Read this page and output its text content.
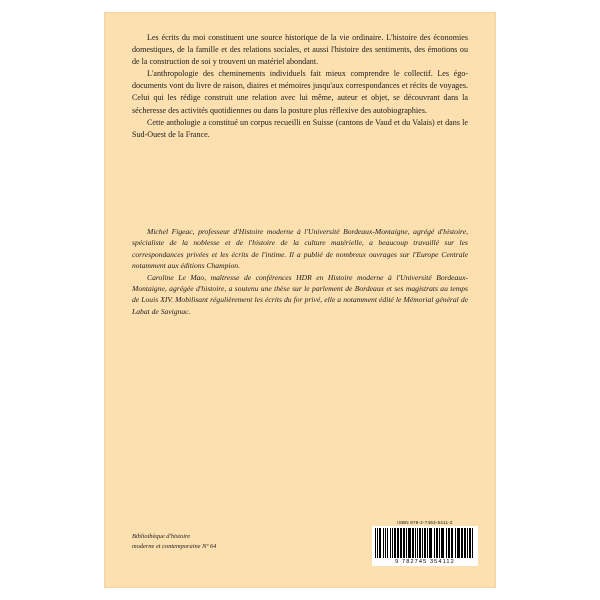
Les écrits du moi constituent une source historique de la vie ordinaire. L'histoire des économies domestiques, de la famille et des relations sociales, et aussi l'histoire des sentiments, des émotions ou de la construction de soi y trouvent un matériel abondant.

L'anthropologie des cheminements individuels fait mieux comprendre le collectif. Les égo-documents vont du livre de raison, diaires et mémoires jusqu'aux correspondances et récits de voyages. Celui qui les rédige construit une relation avec lui même, auteur et objet, se découvrant dans la sécheresse des activités quotidiennes ou dans la posture plus réflexive des autobiographies.

Cette anthologie a constitué un corpus recueilli en Suisse (cantons de Vaud et du Valais) et dans le Sud-Ouest de la France.

Michel Figeac, professeur d'Histoire moderne à l'Université Bordeaux-Montaigne, agrégé d'histoire, spécialiste de la noblesse et de l'histoire de la culture matérielle, a beaucoup travaillé sur les correspondances privées et les écrits de l'intime. Il a publié de nombreux ouvrages sur l'Europe Centrale notamment aux éditions Champion.

Caroline Le Mao, maîtresse de conférences HDR en Histoire moderne à l'Université Bordeaux-Montaigne, agrégée d'histoire, a soutenu une thèse sur le parlement de Bordeaux et ses magistrats au temps de Louis XIV. Mobilisant régulièrement les écrits du for privé, elle a notamment édité le Mémorial général de Labat de Savignac.

Bibliothèque d'histoire
moderne et contemporaine Nº 64
ISBN 978-2-7453-5411-2
9 782745 354112
